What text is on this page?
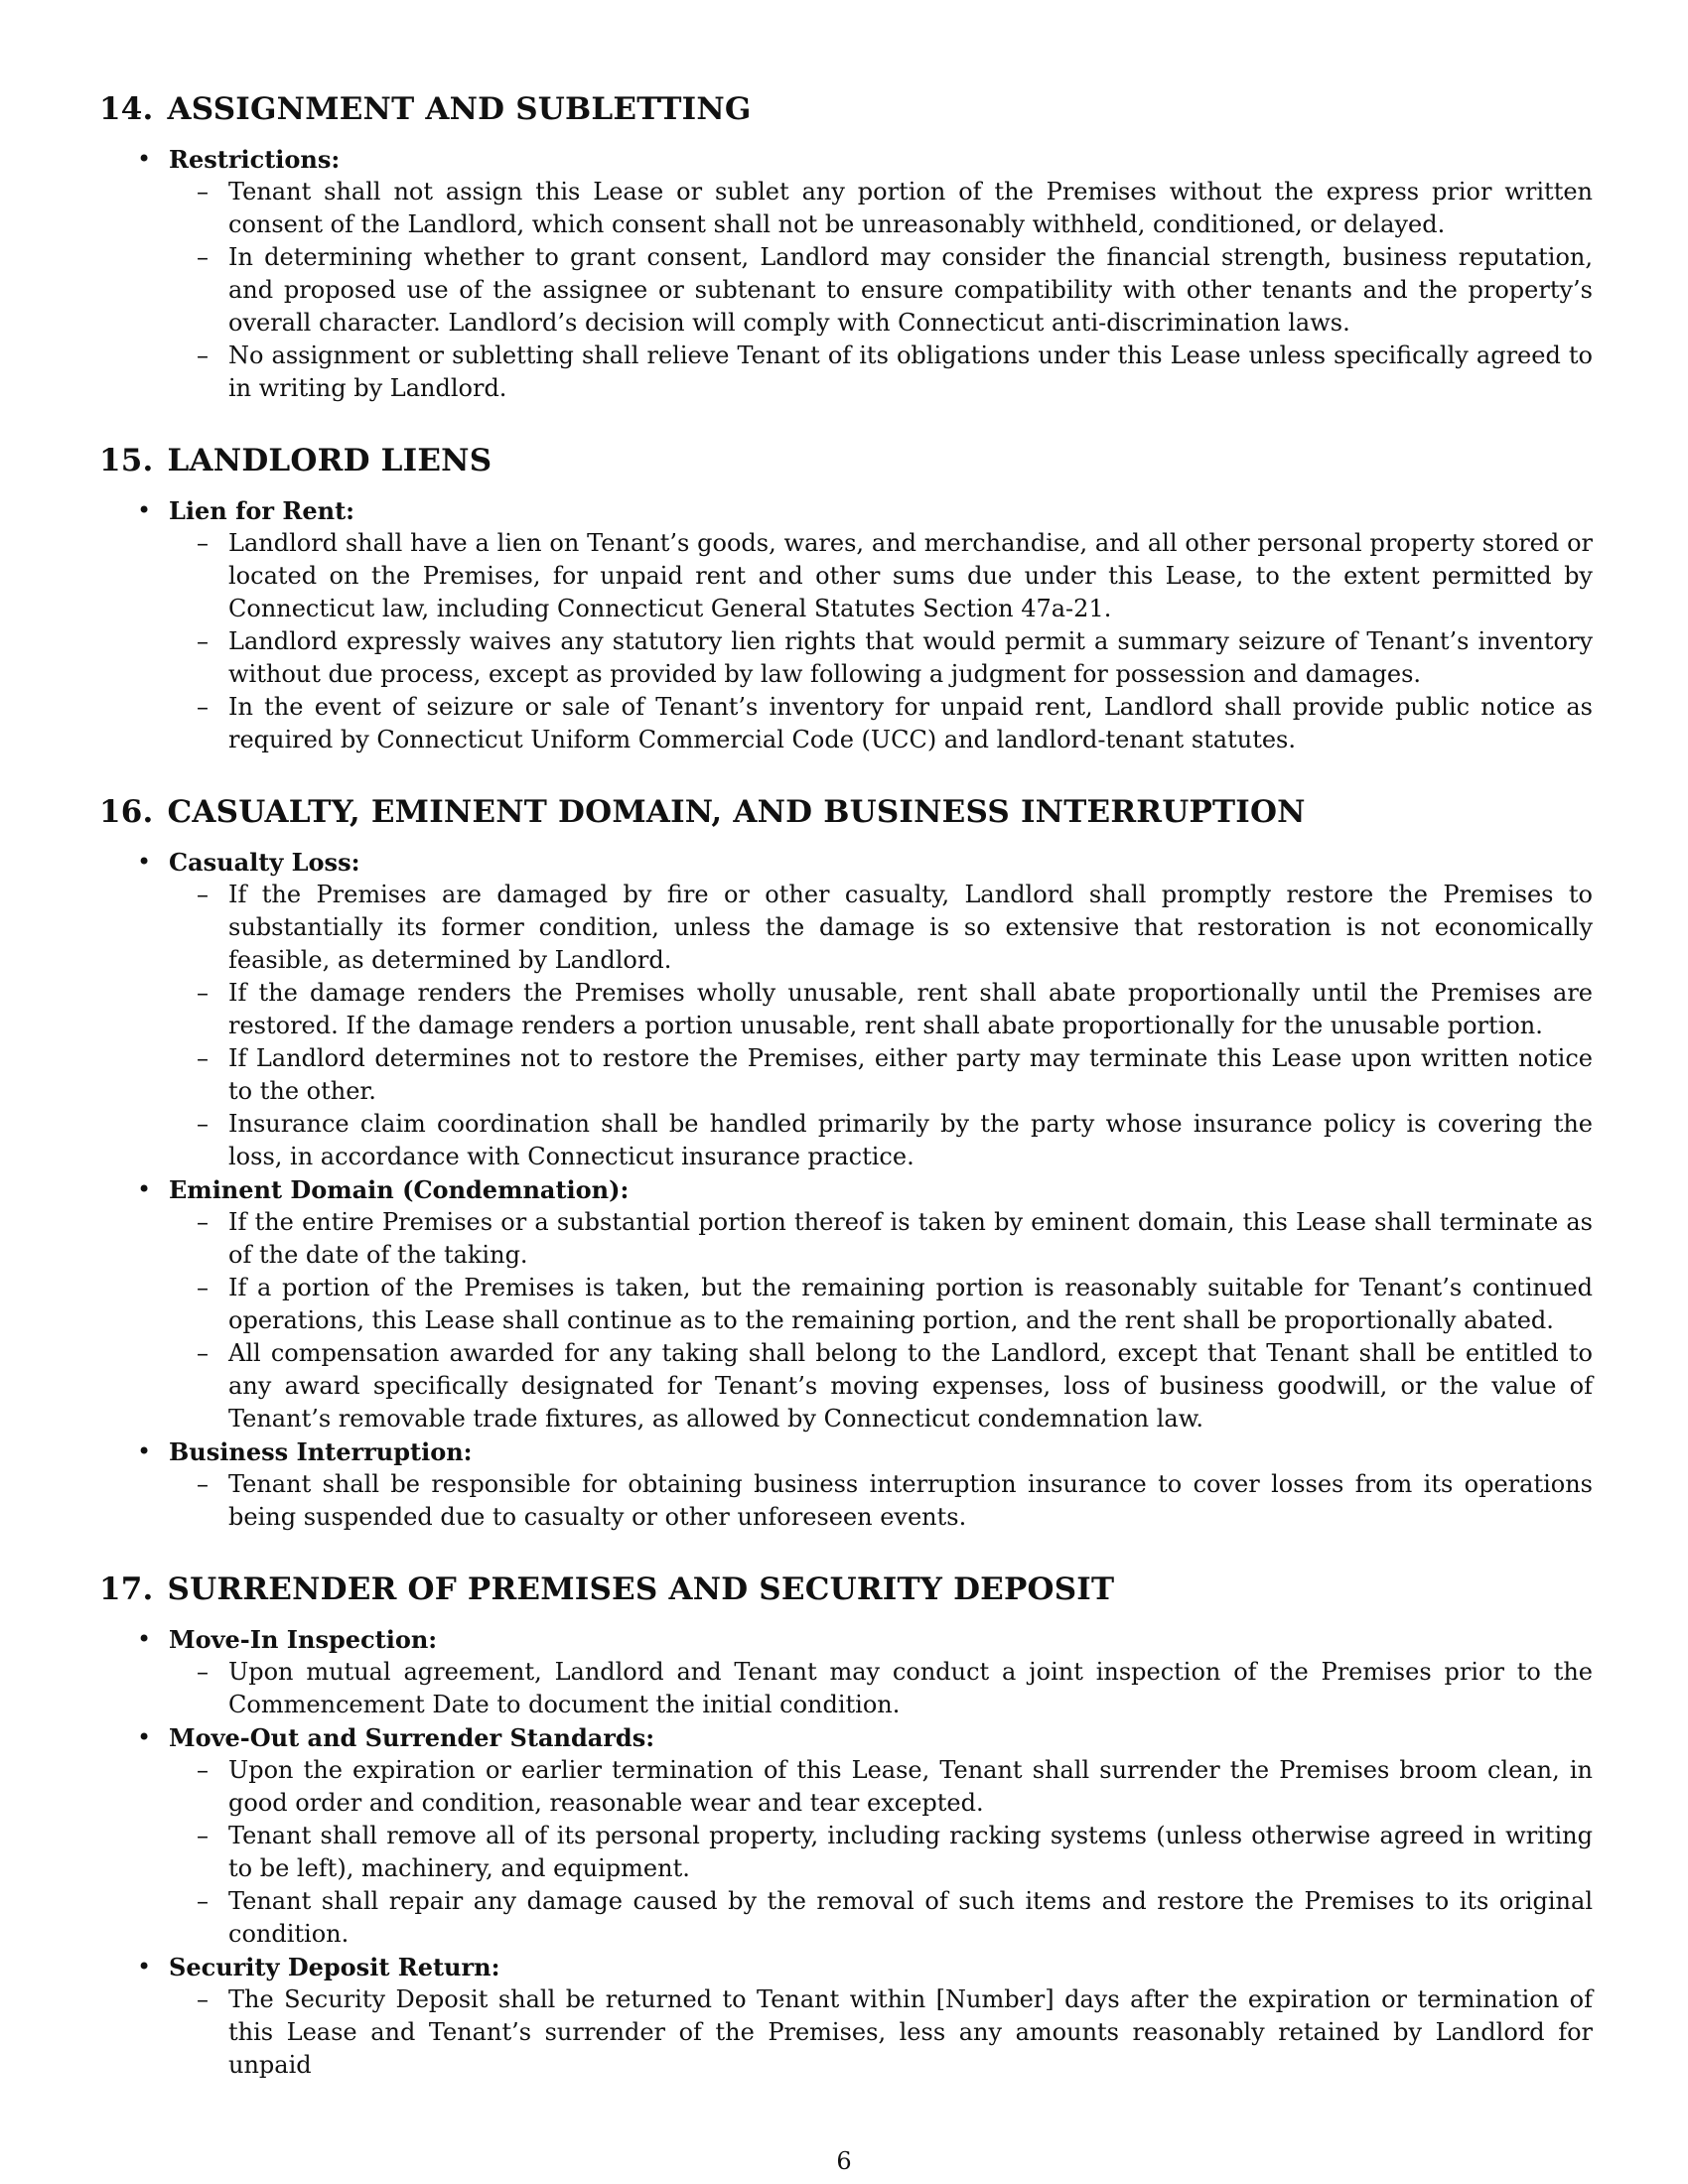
14. ASSIGNMENT AND SUBLETTING
• Restrictions:
– Tenant shall not assign this Lease or sublet any portion of the Premises without the express prior written consent of the Landlord, which consent shall not be unreasonably withheld, conditioned, or delayed.
– In determining whether to grant consent, Landlord may consider the financial strength, business reputation, and proposed use of the assignee or subtenant to ensure compatibility with other tenants and the property’s overall character. Landlord’s decision will comply with Connecticut anti-discrimination laws.
– No assignment or subletting shall relieve Tenant of its obligations under this Lease unless specifically agreed to in writing by Landlord.
15. LANDLORD LIENS
• Lien for Rent:
– Landlord shall have a lien on Tenant’s goods, wares, and merchandise, and all other personal property stored or located on the Premises, for unpaid rent and other sums due under this Lease, to the extent permitted by Connecticut law, including Connecticut General Statutes Section 47a-21.
– Landlord expressly waives any statutory lien rights that would permit a summary seizure of Tenant’s inventory without due process, except as provided by law following a judgment for possession and damages.
– In the event of seizure or sale of Tenant’s inventory for unpaid rent, Landlord shall provide public notice as required by Connecticut Uniform Commercial Code (UCC) and landlord-tenant statutes.
16. CASUALTY, EMINENT DOMAIN, AND BUSINESS INTERRUPTION
• Casualty Loss:
– If the Premises are damaged by fire or other casualty, Landlord shall promptly restore the Premises to substantially its former condition, unless the damage is so extensive that restoration is not economically feasible, as determined by Landlord.
– If the damage renders the Premises wholly unusable, rent shall abate proportionally until the Premises are restored. If the damage renders a portion unusable, rent shall abate proportionally for the unusable portion.
– If Landlord determines not to restore the Premises, either party may terminate this Lease upon written notice to the other.
– Insurance claim coordination shall be handled primarily by the party whose insurance policy is covering the loss, in accordance with Connecticut insurance practice.
• Eminent Domain (Condemnation):
– If the entire Premises or a substantial portion thereof is taken by eminent domain, this Lease shall terminate as of the date of the taking.
– If a portion of the Premises is taken, but the remaining portion is reasonably suitable for Tenant’s continued operations, this Lease shall continue as to the remaining portion, and the rent shall be proportionally abated.
– All compensation awarded for any taking shall belong to the Landlord, except that Tenant shall be entitled to any award specifically designated for Tenant’s moving expenses, loss of business goodwill, or the value of Tenant’s removable trade fixtures, as allowed by Connecticut condemnation law.
• Business Interruption:
– Tenant shall be responsible for obtaining business interruption insurance to cover losses from its operations being suspended due to casualty or other unforeseen events.
17. SURRENDER OF PREMISES AND SECURITY DEPOSIT
• Move-In Inspection:
– Upon mutual agreement, Landlord and Tenant may conduct a joint inspection of the Premises prior to the Commencement Date to document the initial condition.
• Move-Out and Surrender Standards:
– Upon the expiration or earlier termination of this Lease, Tenant shall surrender the Premises broom clean, in good order and condition, reasonable wear and tear excepted.
– Tenant shall remove all of its personal property, including racking systems (unless otherwise agreed in writing to be left), machinery, and equipment.
– Tenant shall repair any damage caused by the removal of such items and restore the Premises to its original condition.
• Security Deposit Return:
– The Security Deposit shall be returned to Tenant within [Number] days after the expiration or termination of this Lease and Tenant’s surrender of the Premises, less any amounts reasonably retained by Landlord for unpaid
6
